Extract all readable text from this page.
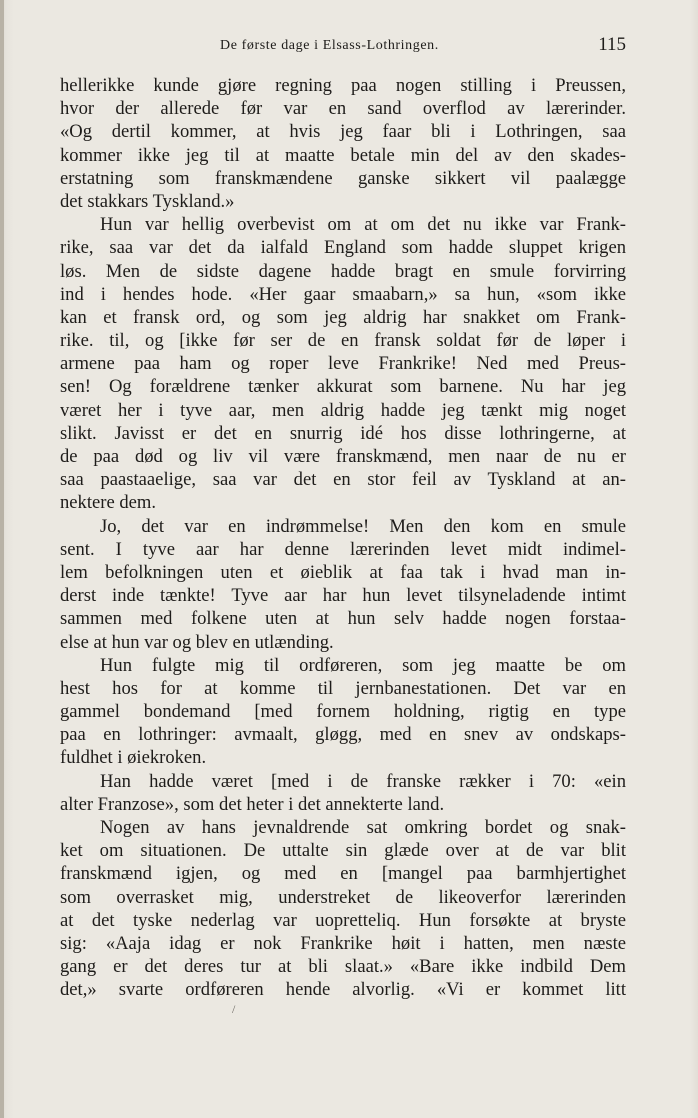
De første dage i Elsass-Lothringen.	115
hellerikke kunde gjøre regning paa nogen stilling i Preussen,
hvor der allerede før var en sand overflod av lærerinder.
«Og dertil kommer, at hvis jeg faar bli i Lothringen, saa
kommer ikke jeg til at maatte betale min del av den skades-
erstatning som franskmændene ganske sikkert vil paalægge
det stakkars Tyskland.»
Hun var hellig overbevist om at om det nu ikke var Frank-
rike, saa var det da ialfald England som hadde sluppet krigen
løs. Men de sidste dagene hadde bragt en smule forvirring
ind i hendes hode. «Her gaar smaabarn,» sa hun, «som ikke
kan et fransk ord, og som jeg aldrig har snakket om Frank-
rike. til, og [ikke før ser de en fransk soldat før de løper i
armene paa ham og roper leve Frankrike! Ned med Preus-
sen! Og forældrene tænker akkurat som barnene. Nu har jeg
været her i tyve aar, men aldrig hadde jeg tænkt mig noget
slikt. Javisst er det en snurrig idé hos disse lothringerne, at
de paa død og liv vil være franskmænd, men naar de nu er
saa paastaaelige, saa var det en stor feil av Tyskland at an-
nektere dem.
Jo, det var en indrømmelse! Men den kom en smule
sent. I tyve aar har denne lærerinden levet midt indimel-
lem befolkningen uten et øieblik at faa tak i hvad man in-
derst inde tænkte! Tyve aar har hun levet tilsyneladende intimt
sammen med folkene uten at hun selv hadde nogen forstaa-
else at hun var og blev en utlænding.
Hun fulgte mig til ordføreren, som jeg maatte be om
hest hos for at komme til jernbanestationen. Det var en
gammel bondemand [med fornem holdning, rigtig en type
paa en lothringer: avmaalt, gløgg, med en snev av ondskaps-
fuldhet i øiekroken.
Han hadde været [med i de franske rækker i 70: «ein
alter Franzose», som det heter i det annekterte land.
Nogen av hans jevnaldrende sat omkring bordet og snak-
ket om situationen. De uttalte sin glæde over at de var blit
franskmænd igjen, og med en [mangel paa barmhjertighet
som overrasket mig, understreket de likeoverfor lærerinden
at det tyske nederlag var uopretteliq. Hun forsøkte at bryste
sig: «Aaja idag er nok Frankrike høit i hatten, men næste
gang er det deres tur at bli slaat.» «Bare ikke indbild Dem
det,» svarte ordføreren hende alvorlig. «Vi er kommet litt
/
